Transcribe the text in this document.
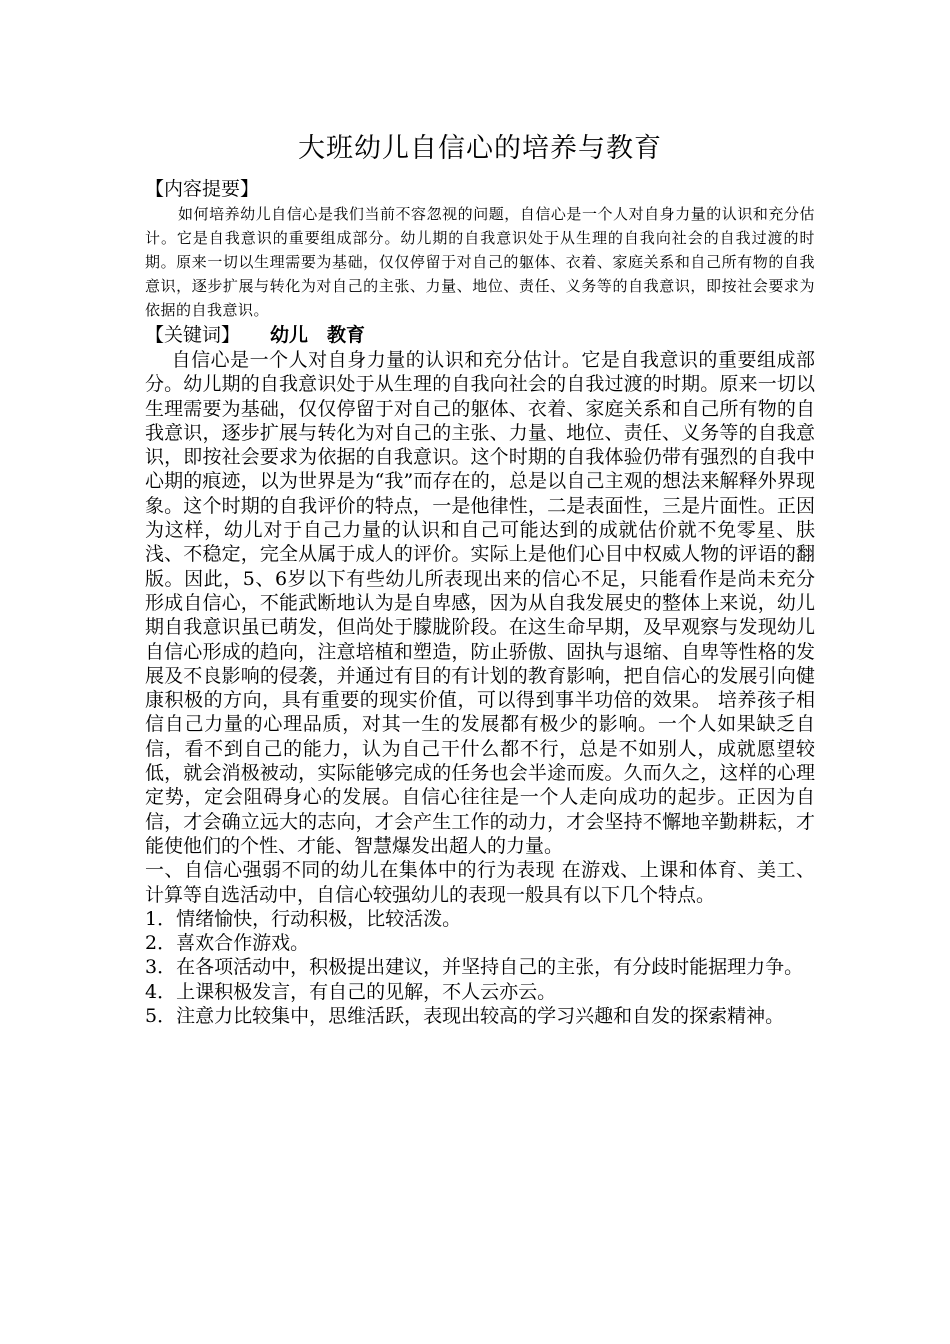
大班幼儿自信心的培养与教育

【内容提要】

如何培养幼儿自信心是我们当前不容忽视的问题，自信心是一个人对自身力量的认识和充分估计。它是自我意识的重要组成部分。幼儿期的自我意识处于从生理的自我向社会的自我过渡的时期。原来一切以生理需要为基础，仅仅停留于对自己的躯体、衣着、家庭关系和自己所有物的自我意识，逐步扩展与转化为对自己的主张、力量、地位、责任、义务等的自我意识，即按社会要求为依据的自我意识。

【关键词】 幼儿　教育

自信心是一个人对自身力量的认识和充分估计。它是自我意识的重要组成部分。幼儿期的自我意识处于从生理的自我向社会的自我过渡的时期。原来一切以生理需要为基础，仅仅停留于对自己的躯体、衣着、家庭关系和自己所有物的自我意识，逐步扩展与转化为对自己的主张、力量、地位、责任、义务等的自我意识，即按社会要求为依据的自我意识。这个时期的自我体验仍带有强烈的自我中心期的痕迹，以为世界是为“我”而存在的，总是以自己主观的想法来解释外界现象。这个时期的自我评价的特点，一是他律性，二是表面性，三是片面性。正因为这样，幼儿对于自己力量的认识和自己可能达到的成就估价就不免零星、肤浅、不稳定，完全从属于成人的评价。实际上是他们心目中权威人物的评语的翻版。因此，5、6岁以下有些幼儿所表现出来的信心不足，只能看作是尚未充分形成自信心，不能武断地认为是自卑感，因为从自我发展史的整体上来说，幼儿期自我意识虽已萌发，但尚处于朦胧阶段。在这生命早期，及早观察与发现幼儿自信心形成的趋向，注意培植和塑造，防止骄傲、固执与退缩、自卑等性格的发展及不良影响的侵袭，并通过有目的有计划的教育影响，把自信心的发展引向健康积极的方向，具有重要的现实价值，可以得到事半功倍的效果。 培养孩子相信自己力量的心理品质，对其一生的发展都有极少的影响。一个人如果缺乏自信，看不到自己的能力，认为自己干什么都不行，总是不如别人，成就愿望较低，就会消极被动，实际能够完成的任务也会半途而废。久而久之，这样的心理定势，定会阻碍身心的发展。自信心往往是一个人走向成功的起步。正因为自信，才会确立远大的志向，才会产生工作的动力，才会坚持不懈地辛勤耕耘，才能使他们的个性、才能、智慧爆发出超人的力量。

一、自信心强弱不同的幼儿在集体中的行为表现 在游戏、上课和体育、美工、计算等自选活动中，自信心较强幼儿的表现一般具有以下几个特点。

1．情绪愉快，行动积极，比较活泼。

2．喜欢合作游戏。

3．在各项活动中，积极提出建议，并坚持自己的主张，有分歧时能据理力争。

4．上课积极发言，有自己的见解，不人云亦云。

5．注意力比较集中，思维活跃，表现出较高的学习兴趣和自发的探索精神。
